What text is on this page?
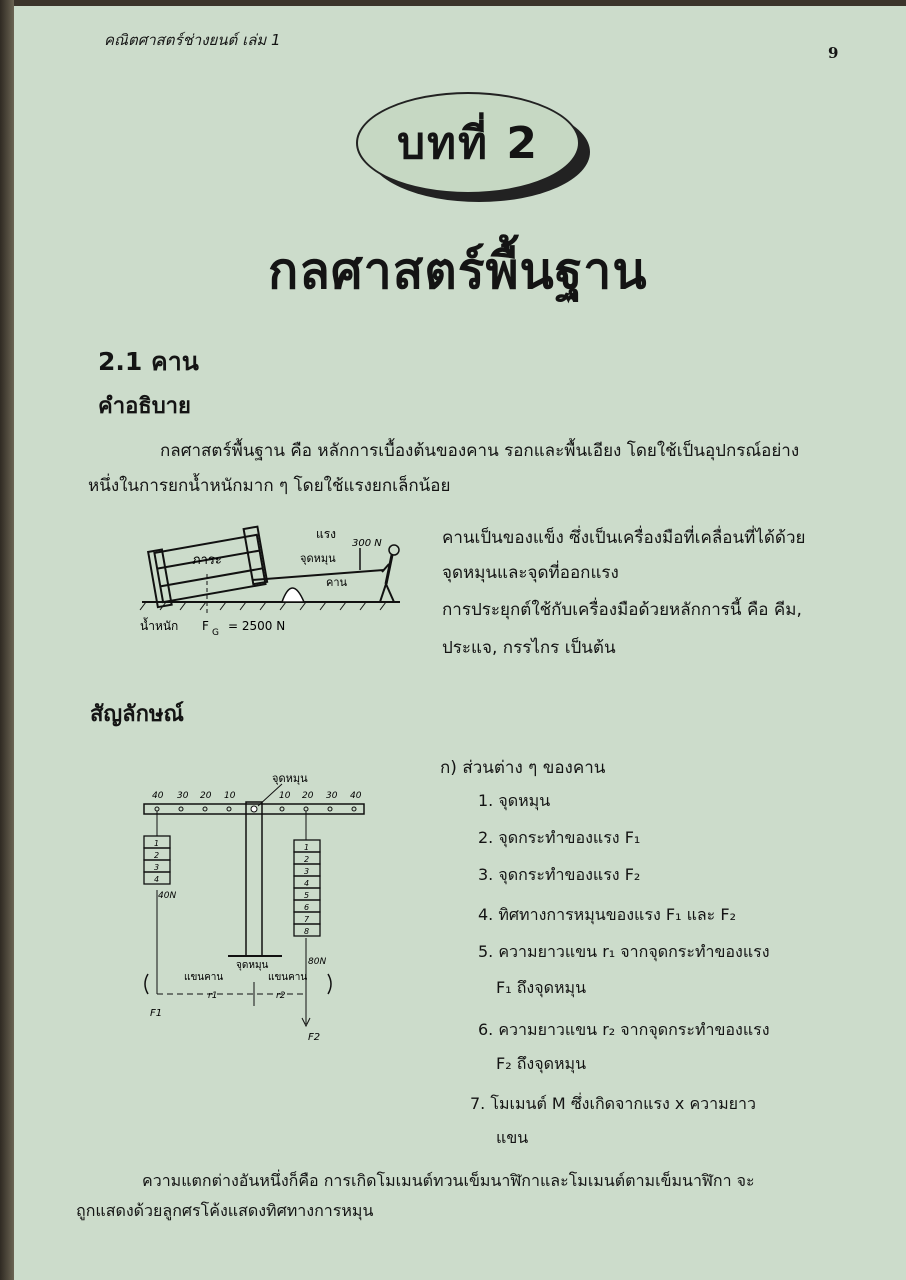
คณิตศาสตร์ช่างยนต์ เล่ม 1
9
บทที่ 2
กลศาสตร์พื้นฐาน
2.1 คาน
คำอธิบาย
กลศาสตร์พื้นฐาน คือ หลักการเบื้องต้นของคาน รอกและพื้นเอียง โดยใช้เป็นอุปกรณ์อย่าง
หนึ่งในการยกน้ำหนักมาก ๆ โดยใช้แรงยกเล็กน้อย
ภาระ
แรง
300 N
จุดหมุน
คาน
น้ำหนัก F G = 2500 N
คานเป็นของแข็ง ซึ่งเป็นเครื่องมือที่เคลื่อนที่ได้ด้วย
จุดหมุนและจุดที่ออกแรง
การประยุกต์ใช้กับเครื่องมือด้วยหลักการนี้ คือ คีม,
ประแจ, กรรไกร เป็นต้น
สัญลักษณ์
40 30 20 10	10 20 30 40
จุดหมุน
1
2
3
4
40N
1
2
3
4
5
6
7
8
80N
จุดหมุน
แขนคาน	แขนคาน
r1	r2
F1
F2
ก) ส่วนต่าง ๆ ของคาน
1. จุดหมุน
2. จุดกระทำของแรง F₁
3. จุดกระทำของแรง F₂
4. ทิศทางการหมุนของแรง F₁ และ F₂
5. ความยาวแขน r₁ จากจุดกระทำของแรง
F₁ ถึงจุดหมุน
6. ความยาวแขน r₂ จากจุดกระทำของแรง
F₂ ถึงจุดหมุน
7. โมเมนต์ M ซึ่งเกิดจากแรง x ความยาว
แขน
ความแตกต่างอันหนึ่งก็คือ การเกิดโมเมนต์ทวนเข็มนาฬิกาและโมเมนต์ตามเข็มนาฬิกา จะ
ถูกแสดงด้วยลูกศรโค้งแสดงทิศทางการหมุน
